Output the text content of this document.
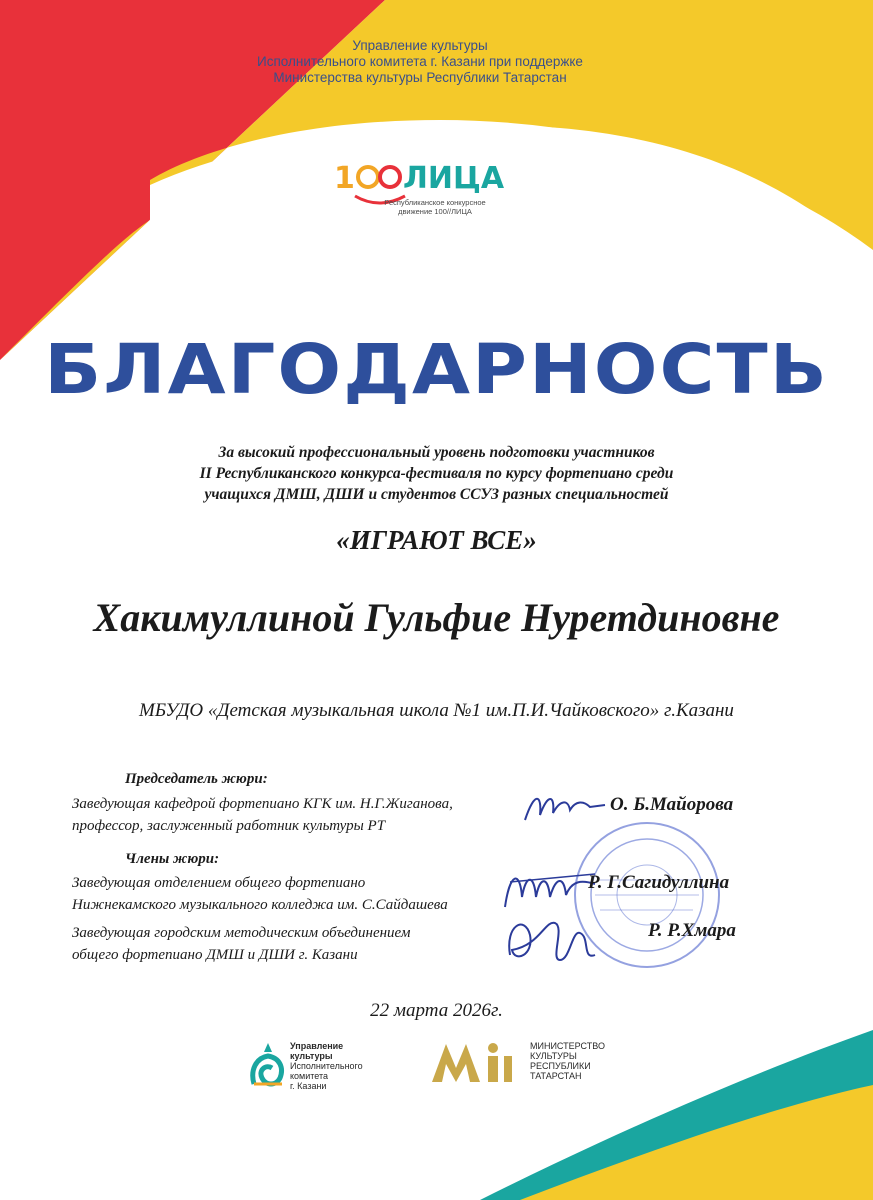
Управление культуры
Исполнительного комитета г. Казани при поддержке
Министерства культуры Республики Татарстан
1 ЛИЦА
Республиканское конкурсное
движение 100//ЛИЦА
БЛАГОДАРНОСТЬ
За высокий профессиональный уровень подготовки участников
II Республиканского конкурса-фестиваля по курсу фортепиано среди
учащихся ДМШ, ДШИ и студентов ССУЗ разных специальностей
«ИГРАЮТ ВСЕ»
Хакимуллиной Гульфие Нуретдиновне
МБУДО «Детская музыкальная школа №1 им.П.И.Чайковского» г.Казани
Председатель жюри:
Заведующая кафедрой фортепиано КГК им. Н.Г.Жиганова,
профессор, заслуженный работник культуры РТ
Члены жюри:
Заведующая отделением общего фортепиано
Нижнекамского музыкального колледжа им. С.Сайдашева
Заведующая городским методическим объединением
общего фортепиано ДМШ и ДШИ г. Казани
О. Б.Майорова
Р. Г.Сагидуллина
Р. Р.Хмара
22 марта 2026г.
Управление
культуры
Исполнительного
комитета
г. Казани
МИНИСТЕРСТВО
КУЛЬТУРЫ
РЕСПУБЛИКИ
ТАТАРСТАН
